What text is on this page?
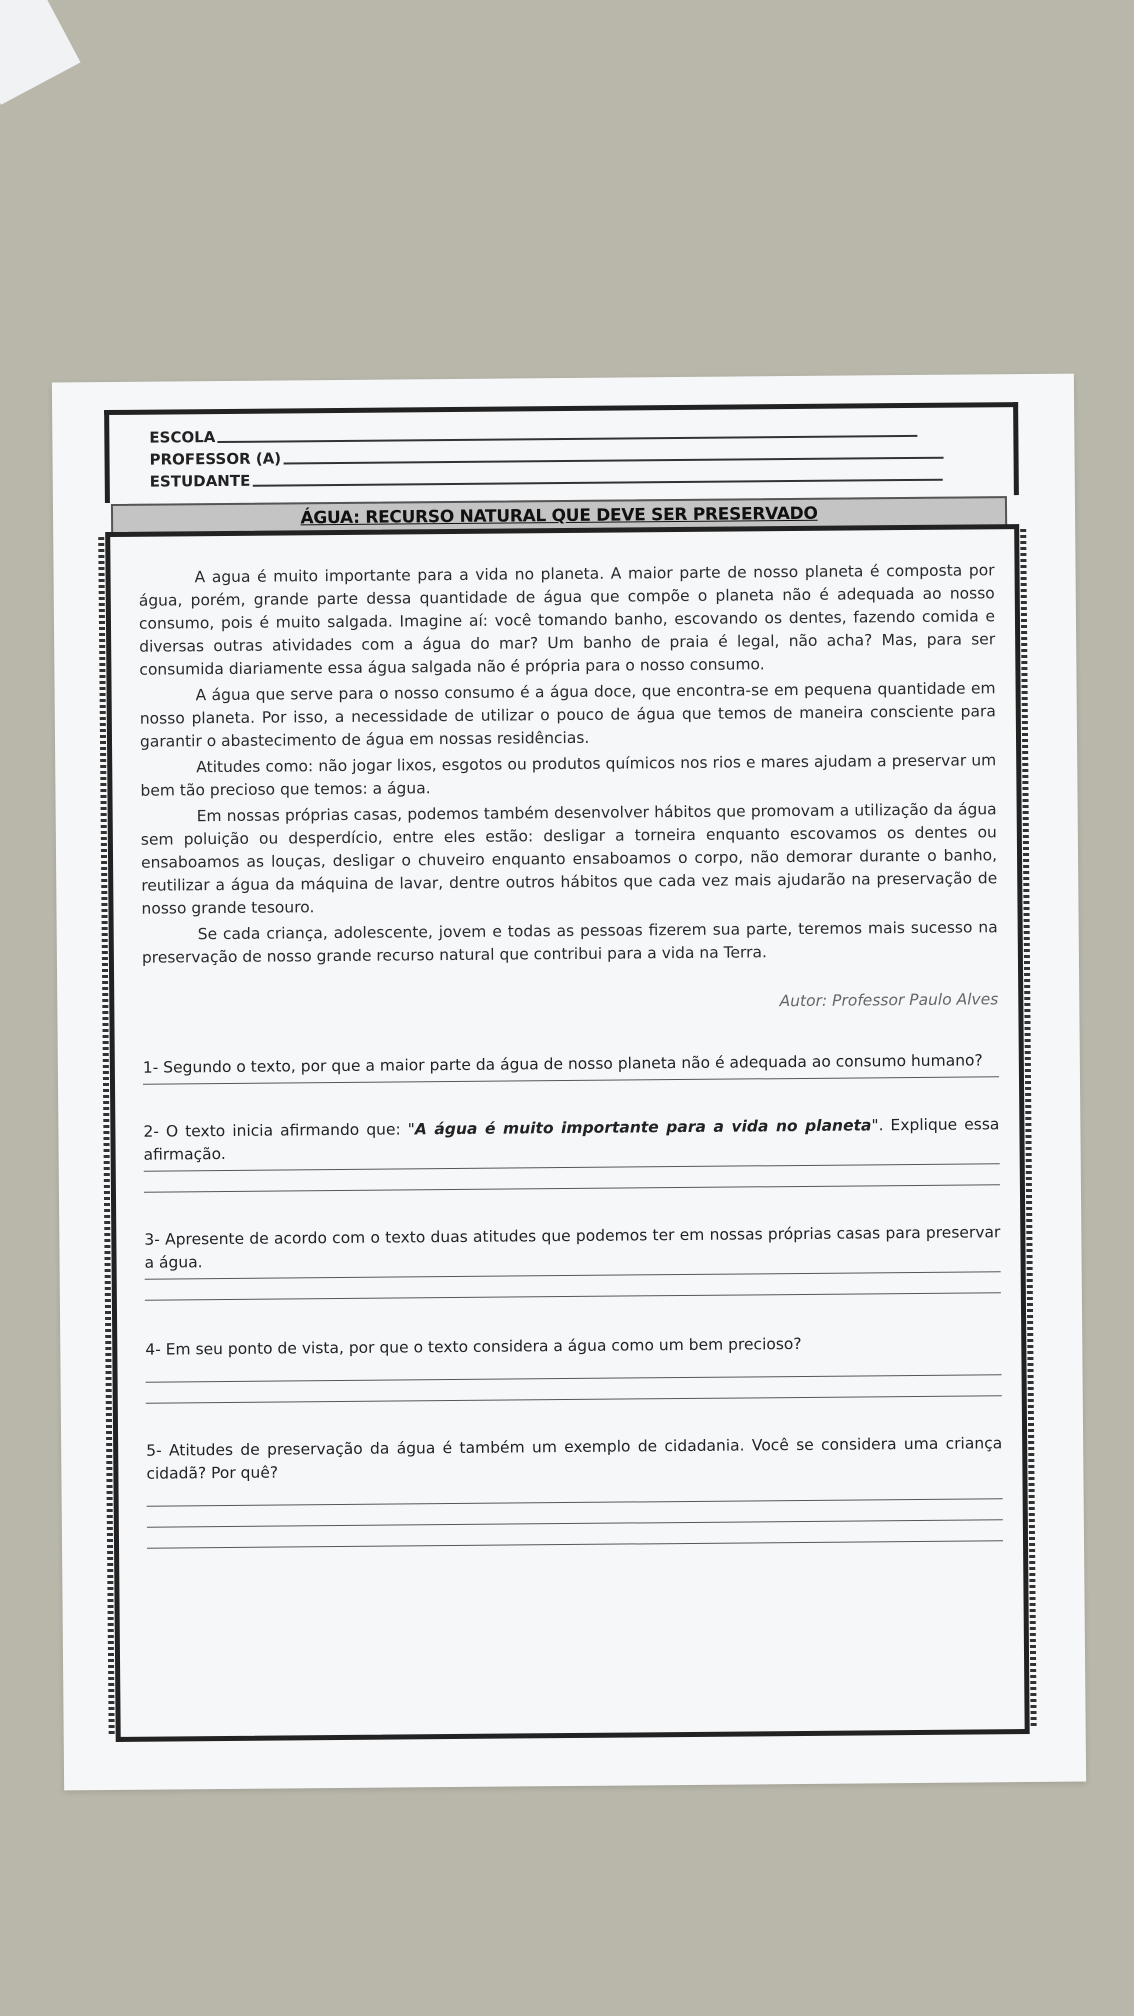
ESCOLA
PROFESSOR (A)
ESTUDANTE
ÁGUA: RECURSO NATURAL QUE DEVE SER PRESERVADO

A agua é muito importante para a vida no planeta. A maior parte de nosso planeta é composta por água, porém, grande parte dessa quantidade de água que compõe o planeta não é adequada ao nosso consumo, pois é muito salgada. Imagine aí: você tomando banho, escovando os dentes, fazendo comida e diversas outras atividades com a água do mar? Um banho de praia é legal, não acha? Mas, para ser consumida diariamente essa água salgada não é própria para o nosso consumo.

A água que serve para o nosso consumo é a água doce, que encontra-se em pequena quantidade em nosso planeta. Por isso, a necessidade de utilizar o pouco de água que temos de maneira consciente para garantir o abastecimento de água em nossas residências.

Atitudes como: não jogar lixos, esgotos ou produtos químicos nos rios e mares ajudam a preservar um bem tão precioso que temos: a água.

Em nossas próprias casas, podemos também desenvolver hábitos que promovam a utilização da água sem poluição ou desperdício, entre eles estão: desligar a torneira enquanto escovamos os dentes ou ensaboamos as louças, desligar o chuveiro enquanto ensaboamos o corpo, não demorar durante o banho, reutilizar a água da máquina de lavar, dentre outros hábitos que cada vez mais ajudarão na preservação de nosso grande tesouro.

Se cada criança, adolescente, jovem e todas as pessoas fizerem sua parte, teremos mais sucesso na preservação de nosso grande recurso natural que contribui para a vida na Terra.

Autor: Professor Paulo Alves
1- Segundo o texto, por que a maior parte da água de nosso planeta não é adequada ao consumo humano?
2- O texto inicia afirmando que: "A água é muito importante para a vida no planeta". Explique essa afirmação.
3- Apresente de acordo com o texto duas atitudes que podemos ter em nossas próprias casas para preservar a água.
4- Em seu ponto de vista, por que o texto considera a água como um bem precioso?
5- Atitudes de preservação da água é também um exemplo de cidadania. Você se considera uma criança cidadã? Por quê?
